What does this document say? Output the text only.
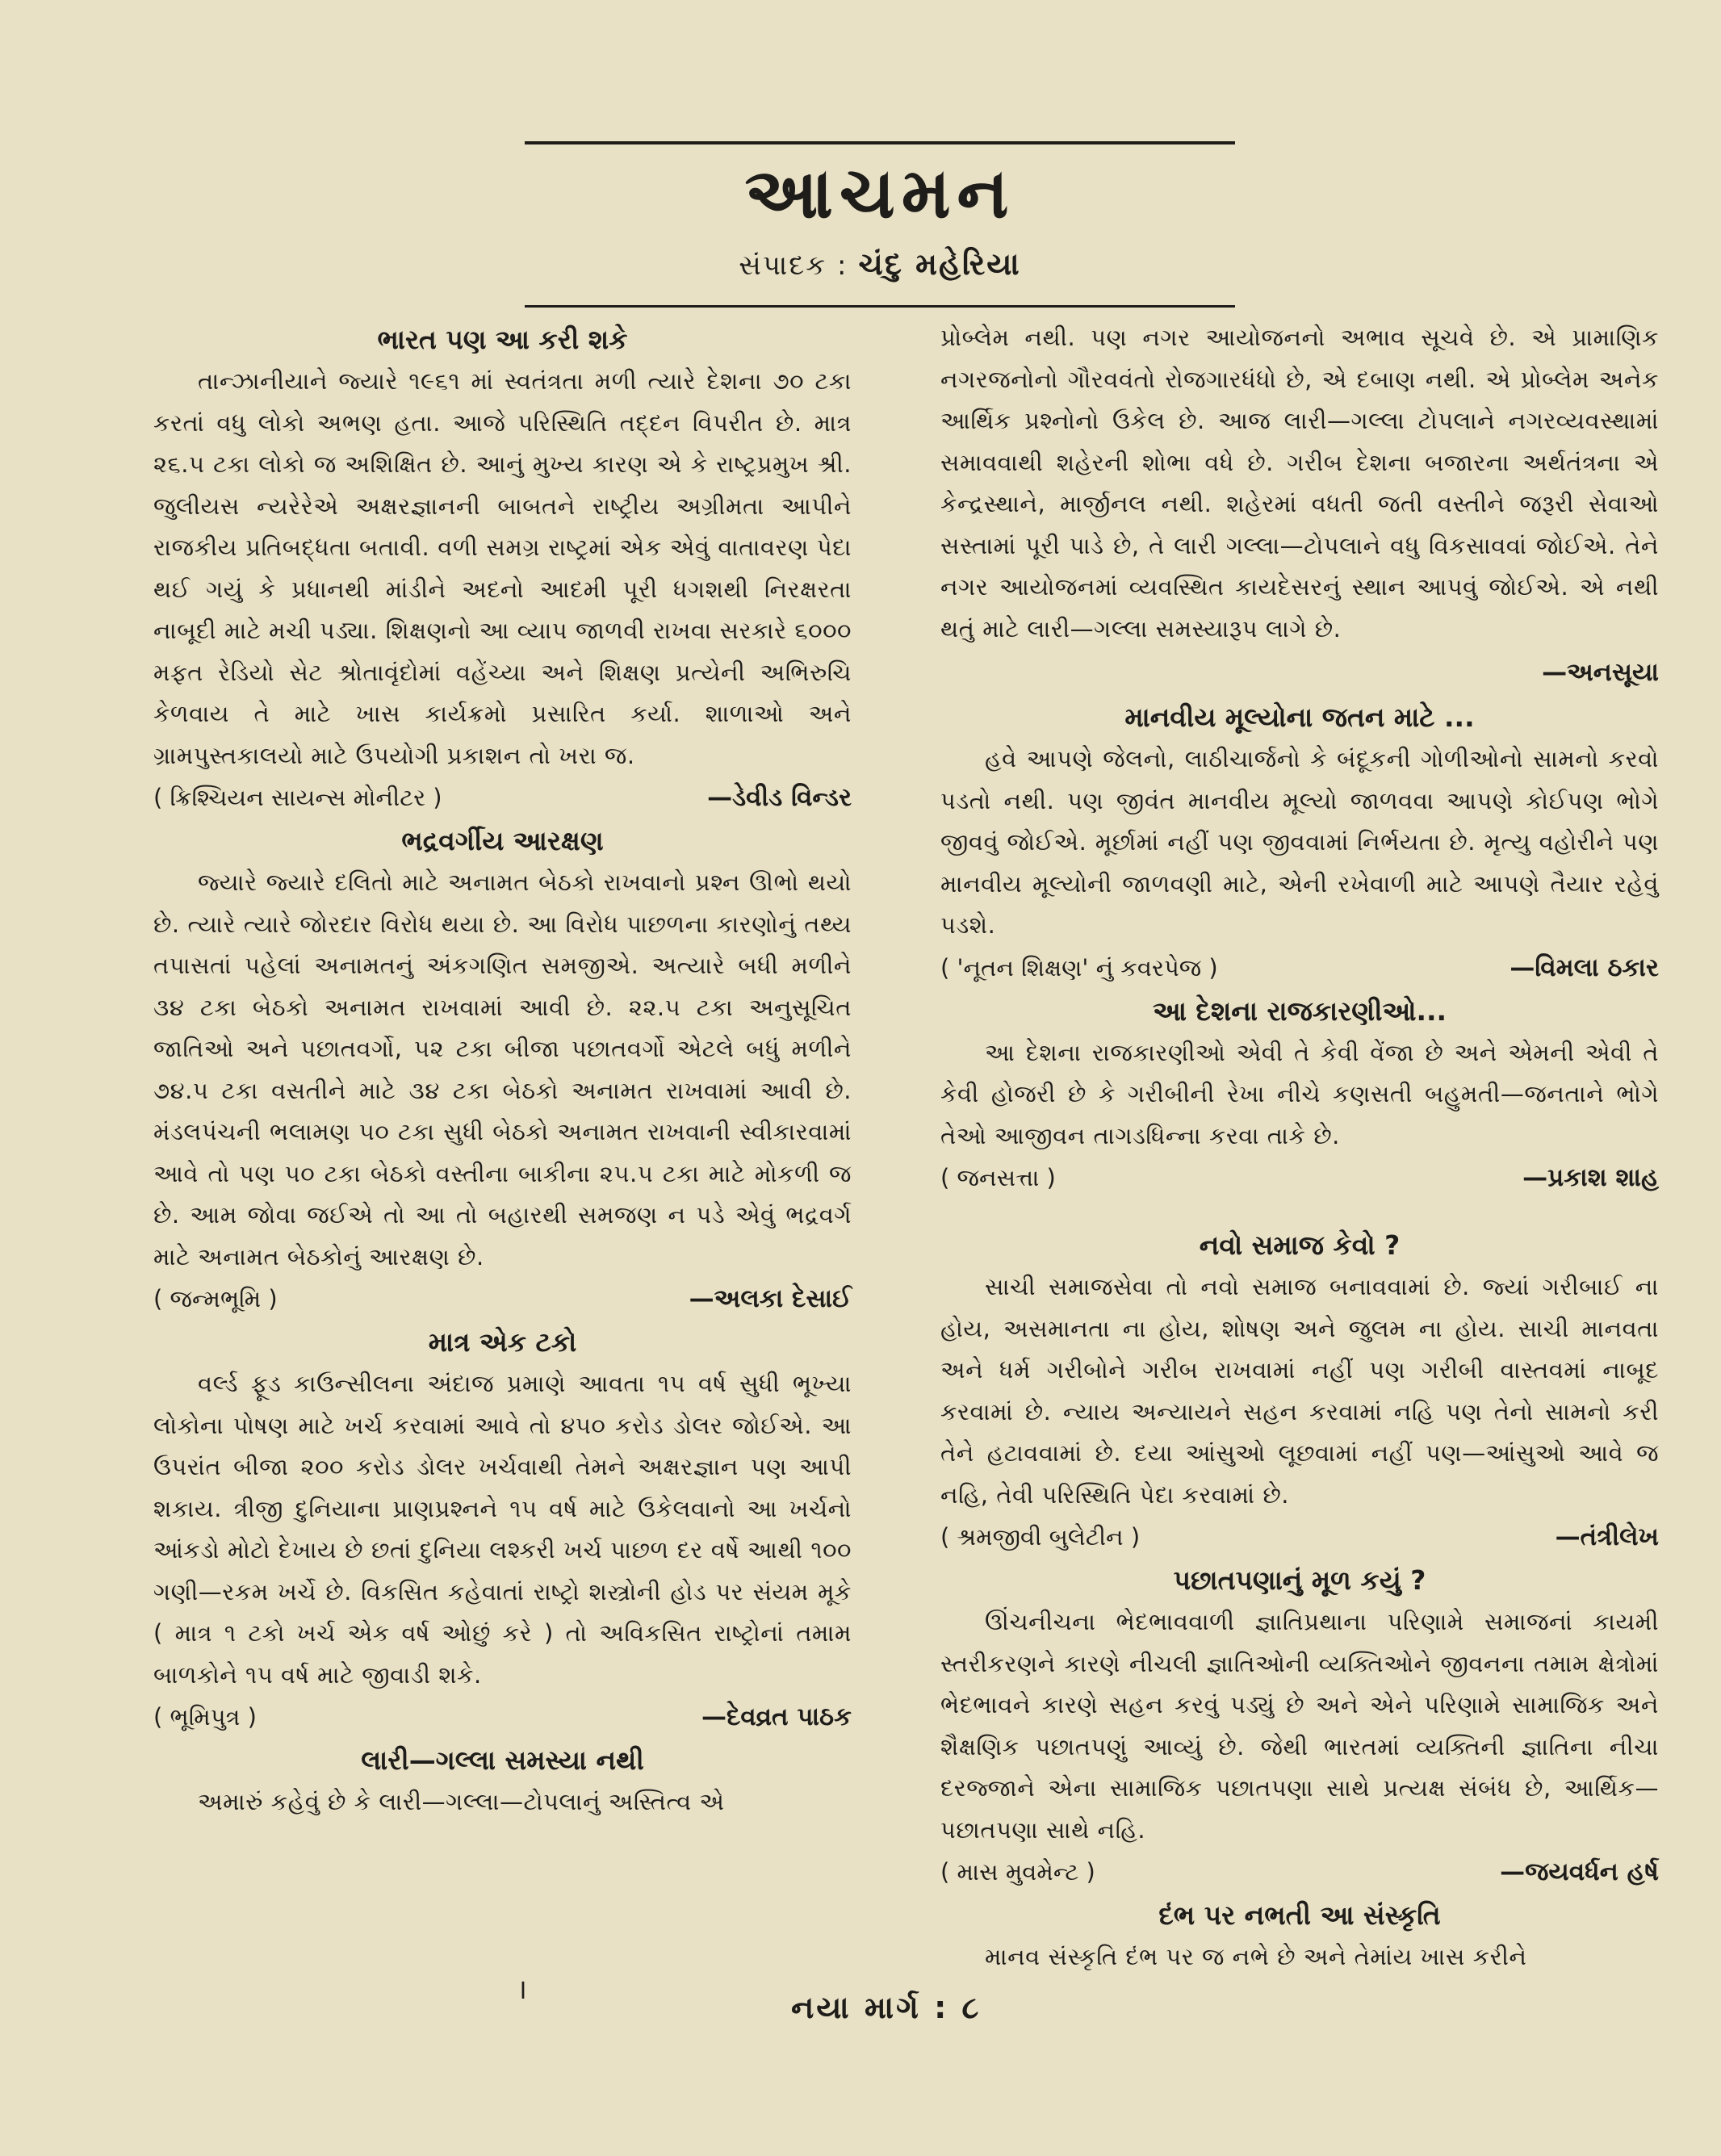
આચમન
સંપાદક : ચંદુ મહેરિયા
ભારત પણ આ કરી શકે

તાન્ઝાનીયાને જ્યારે ૧૯૬૧ માં સ્વતંત્રતા મળી ત્યારે દેશના ૭૦ ટકા કરતાં વધુ લોકો અભણ હતા. આજે પરિસ્થિતિ તદ્દન વિપરીત છે. માત્ર ૨૬.૫ ટકા લોકો જ અશિક્ષિત છે. આનું મુખ્ય કારણ એ કે રાષ્ટ્રપ્રમુખ શ્રી. જુલીયસ ન્યરેરેએ અક્ષરજ્ઞાનની બાબતને રાષ્ટ્રીય અગ્રીમતા આપીને રાજકીય પ્રતિબદ્ધતા બતાવી. વળી સમગ્ર રાષ્ટ્રમાં એક એવું વાતાવરણ પેદા થઈ ગયું કે પ્રધાનથી માંડીને અદનો આદમી પૂરી ધગશથી નિરક્ષરતા નાબૂદી માટે મચી પડ્યા. શિક્ષણનો આ વ્યાપ જાળવી રાખવા સરકારે ૬૦૦૦ મફત રેડિયો સેટ શ્રોતાવૃંદોમાં વહેંચ્યા અને શિક્ષણ પ્રત્યેની અભિરુચિ કેળવાય તે માટે ખાસ કાર્યક્રમો પ્રસારિત કર્યા. શાળાઓ અને ગ્રામપુસ્તકાલયો માટે ઉપયોગી પ્રકાશન તો ખરા જ.

( ક્રિશ્ચિયન સાયન્સ મોનીટર )	—ડેવીડ વિન્ડર
ભદ્રવર્ગીય આરક્ષણ

જ્યારે જ્યારે દલિતો માટે અનામત બેઠકો રાખવાનો પ્રશ્ન ઊભો થયો છે. ત્યારે ત્યારે જોરદાર વિરોધ થયા છે. આ વિરોધ પાછળના કારણોનું તથ્ય તપાસતાં પહેલાં અનામતનું અંકગણિત સમજીએ. અત્યારે બધી મળીને ૩૪ ટકા બેઠકો અનામત રાખવામાં આવી છે. ૨૨.૫ ટકા અનુસૂચિત જાતિઓ અને પછાતવર્ગો, ૫૨ ટકા બીજા પછાતવર્ગો એટલે બધું મળીને ૭૪.૫ ટકા વસતીને માટે ૩૪ ટકા બેઠકો અનામત રાખવામાં આવી છે. મંડલપંચની ભલામણ ૫૦ ટકા સુધી બેઠકો અનામત રાખવાની સ્વીકારવામાં આવે તો પણ ૫૦ ટકા બેઠકો વસ્તીના બાકીના ૨૫.૫ ટકા માટે મોકળી જ છે. આમ જોવા જઈએ તો આ તો બહારથી સમજણ ન પડે એવું ભદ્રવર્ગ માટે અનામત બેઠકોનું આરક્ષણ છે.

( જન્મભૂમિ )	—અલકા દેસાઈ
માત્ર એક ટકો

વર્લ્ડ ફૂડ કાઉન્સીલના અંદાજ પ્રમાણે આવતા ૧૫ વર્ષ સુધી ભૂખ્યા લોકોના પોષણ માટે ખર્ચ કરવામાં આવે તો ૪૫૦ કરોડ ડોલર જોઈએ. આ ઉપરાંત બીજા ૨૦૦ કરોડ ડોલર ખર્ચવાથી તેમને અક્ષરજ્ઞાન પણ આપી શકાય. ત્રીજી દુનિયાના પ્રાણપ્રશ્નને ૧૫ વર્ષ માટે ઉકેલવાનો આ ખર્ચનો આંકડો મોટો દેખાય છે છતાં દુનિયા લશ્કરી ખર્ચ પાછળ દર વર્ષે આથી ૧૦૦ ગણી—રકમ ખર્ચે છે. વિકસિત કહેવાતાં રાષ્ટ્રો શસ્ત્રોની હોડ પર સંયમ મૂકે ( માત્ર ૧ ટકો ખર્ચ એક વર્ષ ઓછું કરે ) તો અવિકસિત રાષ્ટ્રોનાં તમામ બાળકોને ૧૫ વર્ષ માટે જીવાડી શકે.

( ભૂમિપુત્ર )	—દેવવ્રત પાઠક
લારી—ગલ્લા સમસ્યા નથી

અમારું કહેવું છે કે લારી—ગલ્લા—ટોપલાનું અસ્તિત્વ એ

પ્રોબ્લેમ નથી. પણ નગર આયોજનનો અભાવ સૂચવે છે. એ પ્રામાણિક નગરજનોનો ગૌરવવંતો રોજગારધંધો છે, એ દબાણ નથી. એ પ્રોબ્લેમ અનેક આર્થિક પ્રશ્નોનો ઉકેલ છે. આજ લારી—ગલ્લા ટોપલાને નગરવ્યવસ્થામાં સમાવવાથી શહેરની શોભા વધે છે. ગરીબ દેશના બજારના અર્થતંત્રના એ કેન્દ્રસ્થાને, માર્જીનલ નથી. શહેરમાં વધતી જતી વસ્તીને જરૂરી સેવાઓ સસ્તામાં પૂરી પાડે છે, તે લારી ગલ્લા—ટોપલાને વધુ વિકસાવવાં જોઈએ. તેને નગર આયોજનમાં વ્યવસ્થિત કાયદેસરનું સ્થાન આપવું જોઈએ. એ નથી થતું માટે લારી—ગલ્લા સમસ્યારૂપ લાગે છે.

—અનસૂયા
માનવીય મૂલ્યોના જતન માટે ...

હવે આપણે જેલનો, લાઠીચાર્જનો કે બંદૂકની ગોળીઓનો સામનો કરવો પડતો નથી. પણ જીવંત માનવીય મૂલ્યો જાળવવા આપણે કોઈપણ ભોગે જીવવું જોઈએ. મૂર્છામાં નહીં પણ જીવવામાં નિર્ભયતા છે. મૃત્યુ વહોરીને પણ માનવીય મૂલ્યોની જાળવણી માટે, એની રખેવાળી માટે આપણે તૈયાર રહેવું પડશે.

( 'નૂતન શિક્ષણ' નું કવરપેજ )	—વિમલા ઠકાર
આ દેશના રાજકારણીઓ...

આ દેશના રાજકારણીઓ એવી તે કેવી વેંજા છે અને એમની એવી તે કેવી હોજરી છે કે ગરીબીની રેખા નીચે કણસતી બહુમતી—જનતાને ભોગે તેઓ આજીવન તાગડધિન્ના કરવા તાકે છે.

( જનસત્તા )	—પ્રકાશ શાહ
નવો સમાજ કેવો ?

સાચી સમાજસેવા તો નવો સમાજ બનાવવામાં છે. જ્યાં ગરીબાઈ ના હોય, અસમાનતા ના હોય, શોષણ અને જુલમ ના હોય. સાચી માનવતા અને ધર્મ ગરીબોને ગરીબ રાખવામાં નહીં પણ ગરીબી વાસ્તવમાં નાબૂદ કરવામાં છે. ન્યાય અન્યાયને સહન કરવામાં નહિ પણ તેનો સામનો કરી તેને હટાવવામાં છે. દયા આંસુઓ લૂછવામાં નહીં પણ—આંસુઓ આવે જ નહિ, તેવી પરિસ્થિતિ પેદા કરવામાં છે.

( શ્રમજીવી બુલેટીન )	—તંત્રીલેખ
પછાતપણાનું મૂળ કયું ?

ઊંચનીચના ભેદભાવવાળી જ્ઞાતિપ્રથાના પરિણામે સમાજનાં કાયમી સ્તરીકરણને કારણે નીચલી જ્ઞાતિઓની વ્યક્તિઓને જીવનના તમામ ક્ષેત્રોમાં ભેદભાવને કારણે સહન કરવું પડ્યું છે અને એને પરિણામે સામાજિક અને શૈક્ષણિક પછાતપણું આવ્યું છે. જેથી ભારતમાં વ્યક્તિની જ્ઞાતિના નીચા દરજ્જાને એના સામાજિક પછાતપણા સાથે પ્રત્યક્ષ સંબંધ છે, આર્થિક—પછાતપણા સાથે નહિ.

( માસ મુવમેન્ટ )	—જયવર્ધન હર્ષ
દંભ પર નભતી આ સંસ્કૃતિ

માનવ સંસ્કૃતિ દંભ પર જ નભે છે અને તેમાંય ખાસ કરીને

।	નયા માર્ગ : ૮
